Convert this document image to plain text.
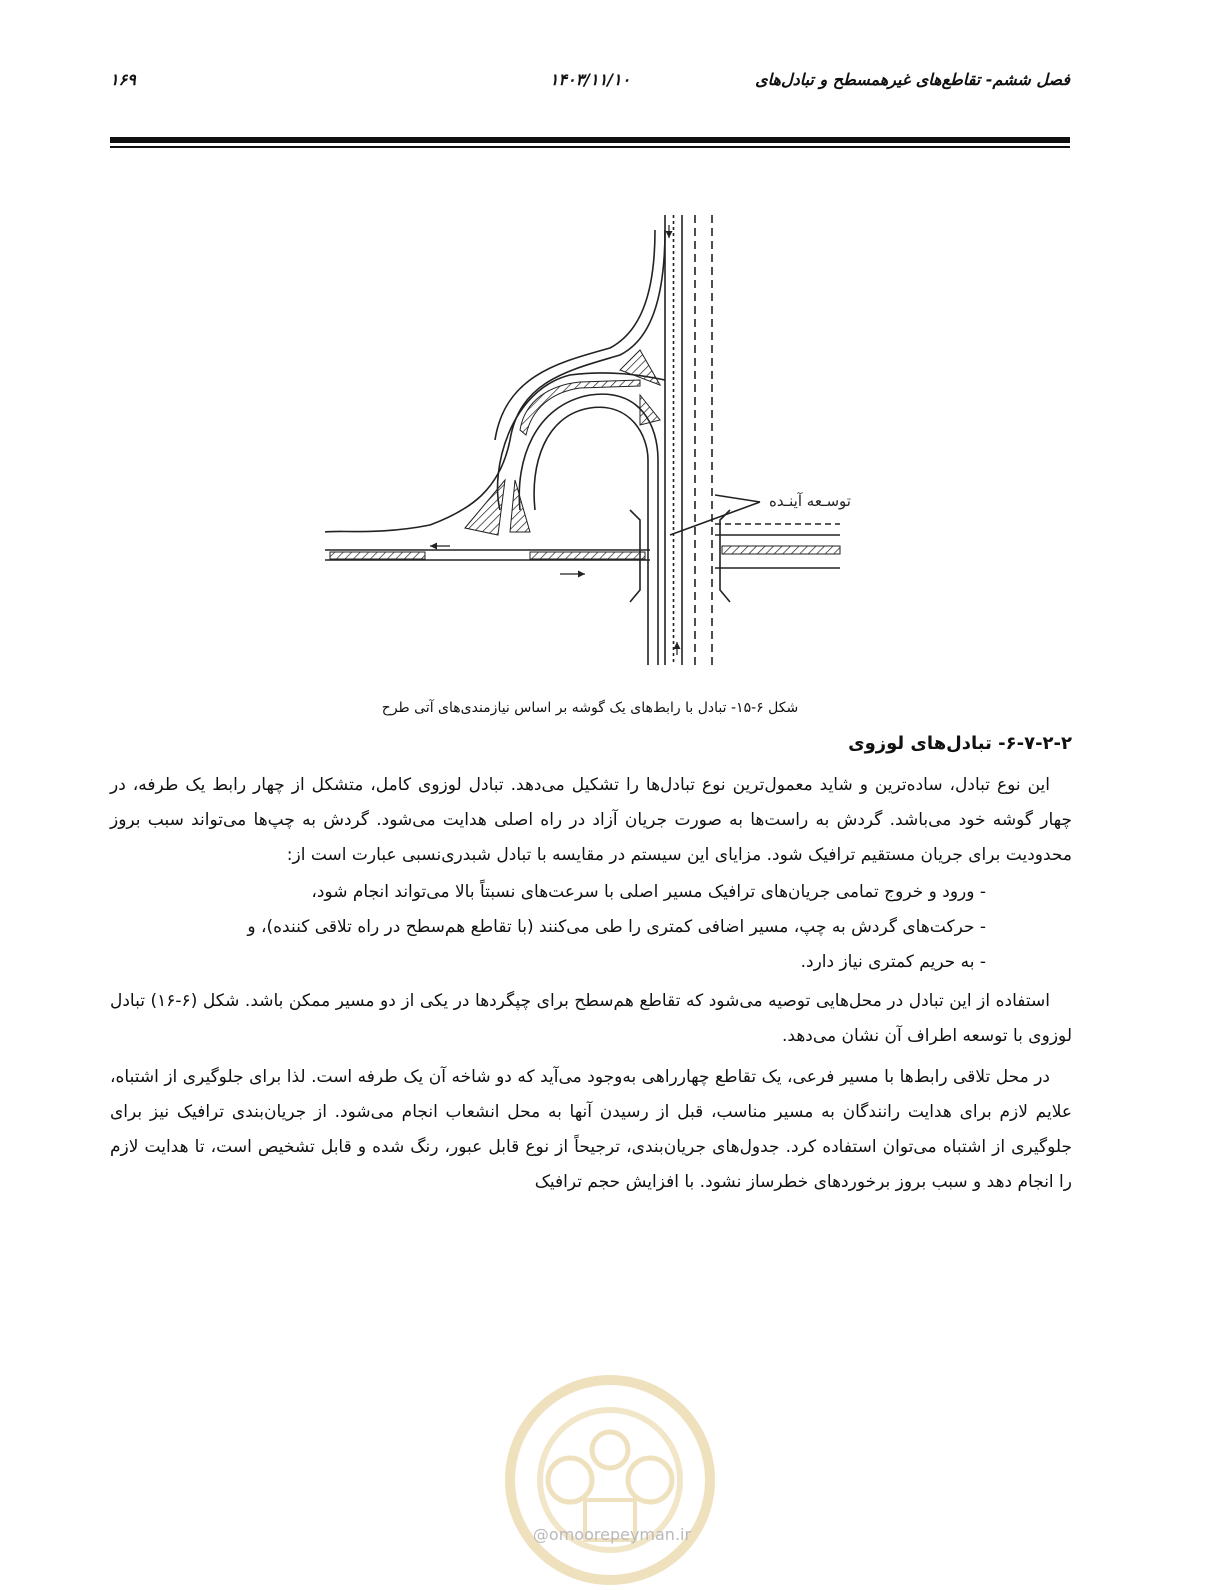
فصل ششم- تقاطع‌های غیرهمسطح و تبادل‌های
۱۴۰۳/۱۱/۱۰
۱۶۹
توسـعه آینـده
شکل ۶-۱۵- تبادل با رابط‌های یک گوشه بر اساس نیازمندی‌های آتی طرح
۶-۷-۲-۲- تبادل‌های لوزوی

این نوع تبادل، ساده‌ترین و شاید معمول‌ترین نوع تبادل‌ها را تشکیل می‌دهد. تبادل لوزوی کامل، متشکل از چهار رابط یک طرفه، در چهار گوشه خود می‌باشد. گردش به راست‌ها به صورت جریان آزاد در راه اصلی هدایت می‌شود. گردش به چپ‌ها می‌تواند سبب بروز محدودیت برای جریان مستقیم ترافیک شود. مزایای این سیستم در مقایسه با تبادل شبدری‌نسبی عبارت است از:

- ورود و خروج تمامی جریان‌های ترافیک مسیر اصلی با سرعت‌های نسبتاً بالا می‌تواند انجام شود،
- حرکت‌های گردش به چپ، مسیر اضافی کمتری را طی می‌کنند (با تقاطع هم‌سطح در راه تلاقی کننده)، و
- به حریم کمتری نیاز دارد.

استفاده از این تبادل در محل‌هایی توصیه می‌شود که تقاطع هم‌سطح برای چپگردها در یکی از دو مسیر ممکن باشد. شکل (۶-۱۶) تبادل لوزوی با توسعه اطراف آن نشان می‌دهد.

در محل تلاقی رابط‌ها با مسیر فرعی، یک تقاطع چهارراهی به‌وجود می‌آید که دو شاخه آن یک طرفه است. لذا برای جلوگیری از اشتباه، علایم لازم برای هدایت رانندگان به مسیر مناسب، قبل از رسیدن آنها به محل انشعاب انجام می‌شود. از جریان‌بندی ترافیک نیز برای جلوگیری از اشتباه می‌توان استفاده کرد. جدول‌های جریان‌بندی، ترجیحاً از نوع قابل عبور، رنگ شده و قابل تشخیص است، تا هدایت لازم را انجام دهد و سبب بروز برخوردهای خطرساز نشود. با افزایش حجم ترافیک

@omoorepeyman.ir
